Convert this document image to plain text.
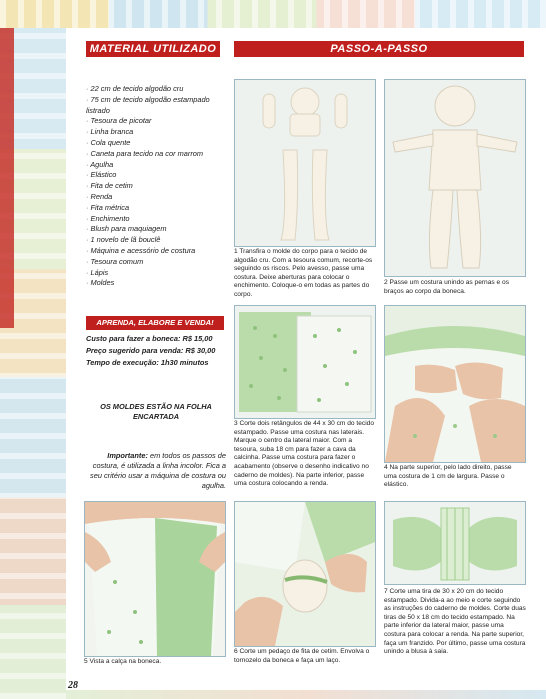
MATERIAL UTILIZADO	PASSO-A-PASSO
· 22 cm de tecido algodão cru
· 75 cm de tecido algodão estampado listrado
· Tesoura de picotar
· Linha branca
· Cola quente
· Caneta para tecido na cor marrom
· Agulha
· Elástico
· Fita de cetim
· Renda
· Fita métrica
· Enchimento
· Blush para maquiagem
· 1 novelo de lã bouclê
· Máquina e acessório de costura
· Tesoura comum
· Lápis
· Moldes
APRENDA, ELABORE E VENDA!
Custo para fazer a boneca: R$ 15,00
Preço sugerido para venda: R$ 30,00
Tempo de execução: 1h30 minutos
OS MOLDES ESTÃO NA FOLHA ENCARTADA
Importante: em todos os passos de costura, é utilizada a linha incolor. Fica a seu critério usar a máquina de costura ou agulha.
1 Transfira o molde do corpo para o tecido de algodão cru. Com a tesoura comum, recorte-os seguindo os riscos. Pelo avesso, passe uma costura. Deixe aberturas para colocar o enchimento. Coloque-o em todas as partes do corpo.
2 Passe um costura unindo as pernas e os braços ao corpo da boneca.
3 Corte dois retângulos de 44 x 30 cm do tecido estampado. Passe uma costura nas laterais. Marque o centro da lateral maior. Com a tesoura, suba 18 cm para fazer a cava da calcinha. Passe uma costura para fazer o acabamento (observe o desenho indicativo no caderno de moldes). Na parte inferior, passe uma costura colocando a renda.
4 Na parte superior, pelo lado direito, passe uma costura de 1 cm de largura. Passe o elástico.
5 Vista a calça na boneca.
6 Corte um pedaço de fita de cetim. Envolva o tornozelo da boneca e faça um laço.
7 Corte uma tira de 30 x 20 cm do tecido estampado. Divida-a ao meio e corte seguindo as instruções do caderno de moldes. Corte duas tiras de 50 x 18 cm do tecido estampado. Na parte inferior da lateral maior, passe uma costura para colocar a renda. Na parte superior, faça um franzido. Por último, passe uma costura unindo a blusa à saia.
28
